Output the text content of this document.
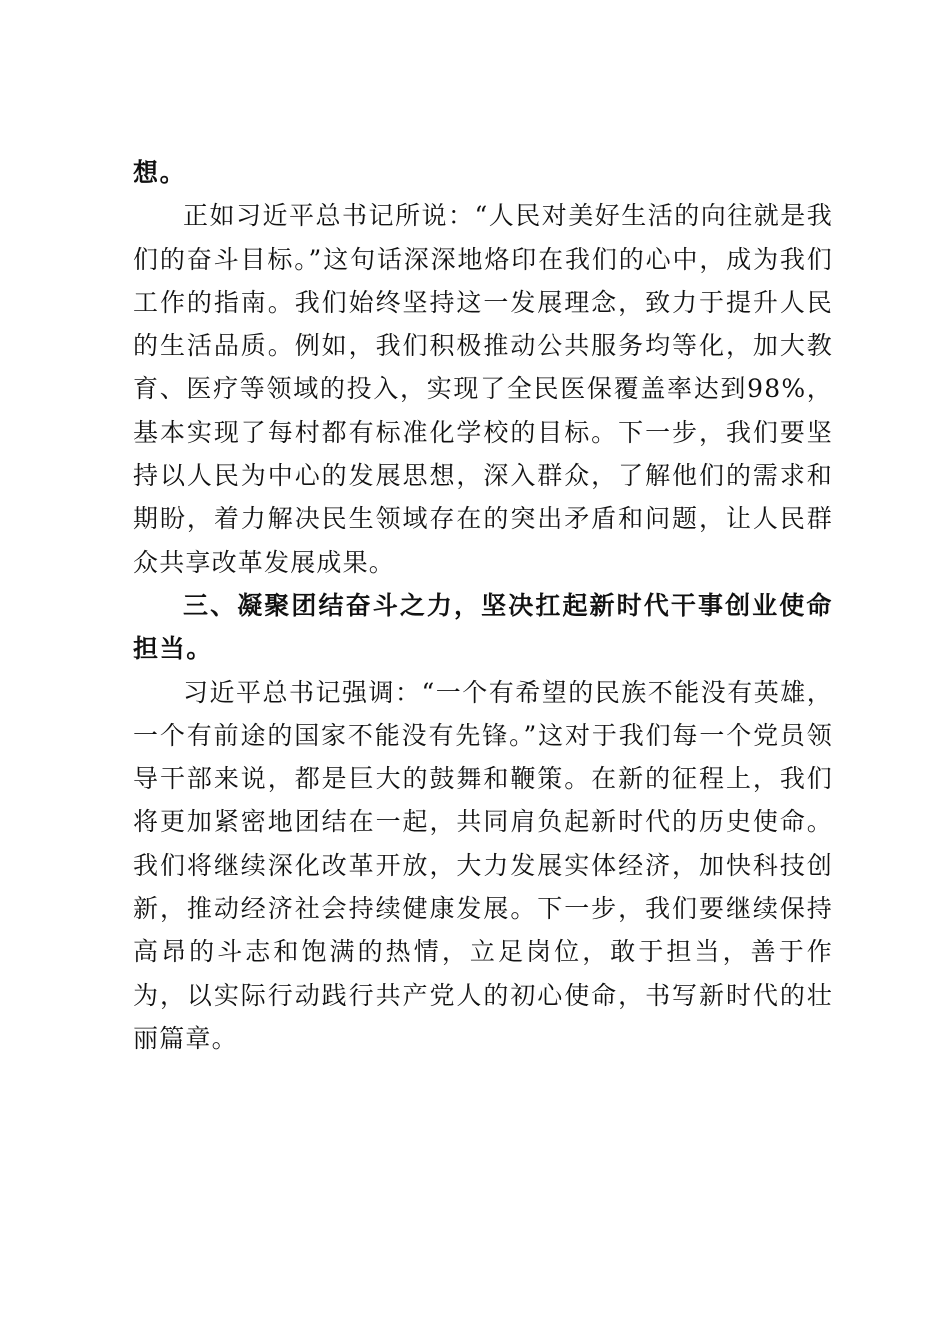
想。

正如习近平总书记所说：“人民对美好生活的向往就是我们的奋斗目标。”这句话深深地烙印在我们的心中，成为我们工作的指南。我们始终坚持这一发展理念，致力于提升人民的生活品质。例如，我们积极推动公共服务均等化，加大教育、医疗等领域的投入，实现了全民医保覆盖率达到98%，基本实现了每村都有标准化学校的目标。下一步，我们要坚持以人民为中心的发展思想，深入群众，了解他们的需求和期盼，着力解决民生领域存在的突出矛盾和问题，让人民群众共享改革发展成果。

三、凝聚团结奋斗之力，坚决扛起新时代干事创业使命担当。

习近平总书记强调：“一个有希望的民族不能没有英雄，一个有前途的国家不能没有先锋。”这对于我们每一个党员领导干部来说，都是巨大的鼓舞和鞭策。在新的征程上，我们将更加紧密地团结在一起，共同肩负起新时代的历史使命。我们将继续深化改革开放，大力发展实体经济，加快科技创新，推动经济社会持续健康发展。下一步，我们要继续保持高昂的斗志和饱满的热情，立足岗位，敢于担当，善于作为，以实际行动践行共产党人的初心使命，书写新时代的壮丽篇章。
